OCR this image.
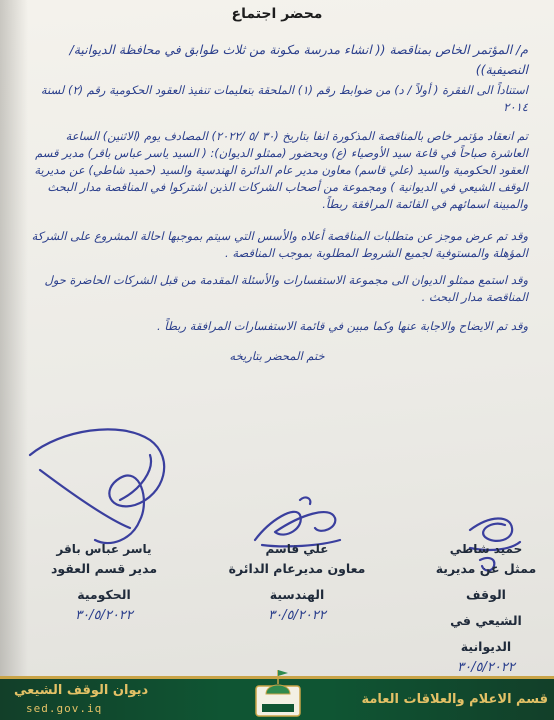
محضر اجتماع

م/ المؤتمر الخاص بمناقصة (( انشاء مدرسة مكونة من ثلاث طوابق في محافظة الديوانية/ النصيفية))

استناداً الى الفقرة ( أولاً / د) من ضوابط رقم (١) الملحقة بتعليمات تنفيذ العقود الحكومية رقم (٢) لسنة ٢٠١٤

تم انعقاد مؤتمر خاص بالمناقصة المذكورة انفا بتاريخ (٣٠ /٥ /٢٠٢٢) المصادف يوم (الاثنين) الساعة العاشرة صباحاً في قاعة سيد الأوصياء (ع) وبحضور (ممثلو الديوان): ( السيد ياسر عباس باقر) مدير قسم العقود الحكومية والسيد (علي قاسم) معاون مدير عام الدائرة الهندسية والسيد (حميد شاطي) عن مديرية الوقف الشيعي في الديوانية ) ومجموعة من أصحاب الشركات الذين اشتركوا في المناقصة مدار البحث والمبينة اسمائهم في القائمة المرافقة ربطاً.

وقد تم عرض موجز عن متطلبات المناقصة أعلاه والأسس التي سيتم بموجبها احالة المشروع على الشركة المؤهلة والمستوفية لجميع الشروط المطلوبة بموجب المناقصة .

وقد استمع ممثلو الديوان الى مجموعة الاستفسارات والأسئلة المقدمة من قبل الشركات الحاضرة حول المناقصة مدار البحث .

وقد تم الايضاح والاجابة عنها وكما مبين في قائمة الاستفسارات المرافقة ربطاً .

ختم المحضر بتاريخه

حميد شاطي
ممثل عن مديرية الوقف
الشيعي في الديوانية
٣٠/٥/٢٠٢٢
علي قاسم
معاون مديرعام الدائرة
الهندسية
٣٠/٥/٢٠٢٢
ياسر عباس باقر
مدير قسم العقود الحكومية
٣٠/٥/٢٠٢٢
ديوان الوقف الشيعي
sed.gov.iq
قسم الاعلام والعلاقات العامة
